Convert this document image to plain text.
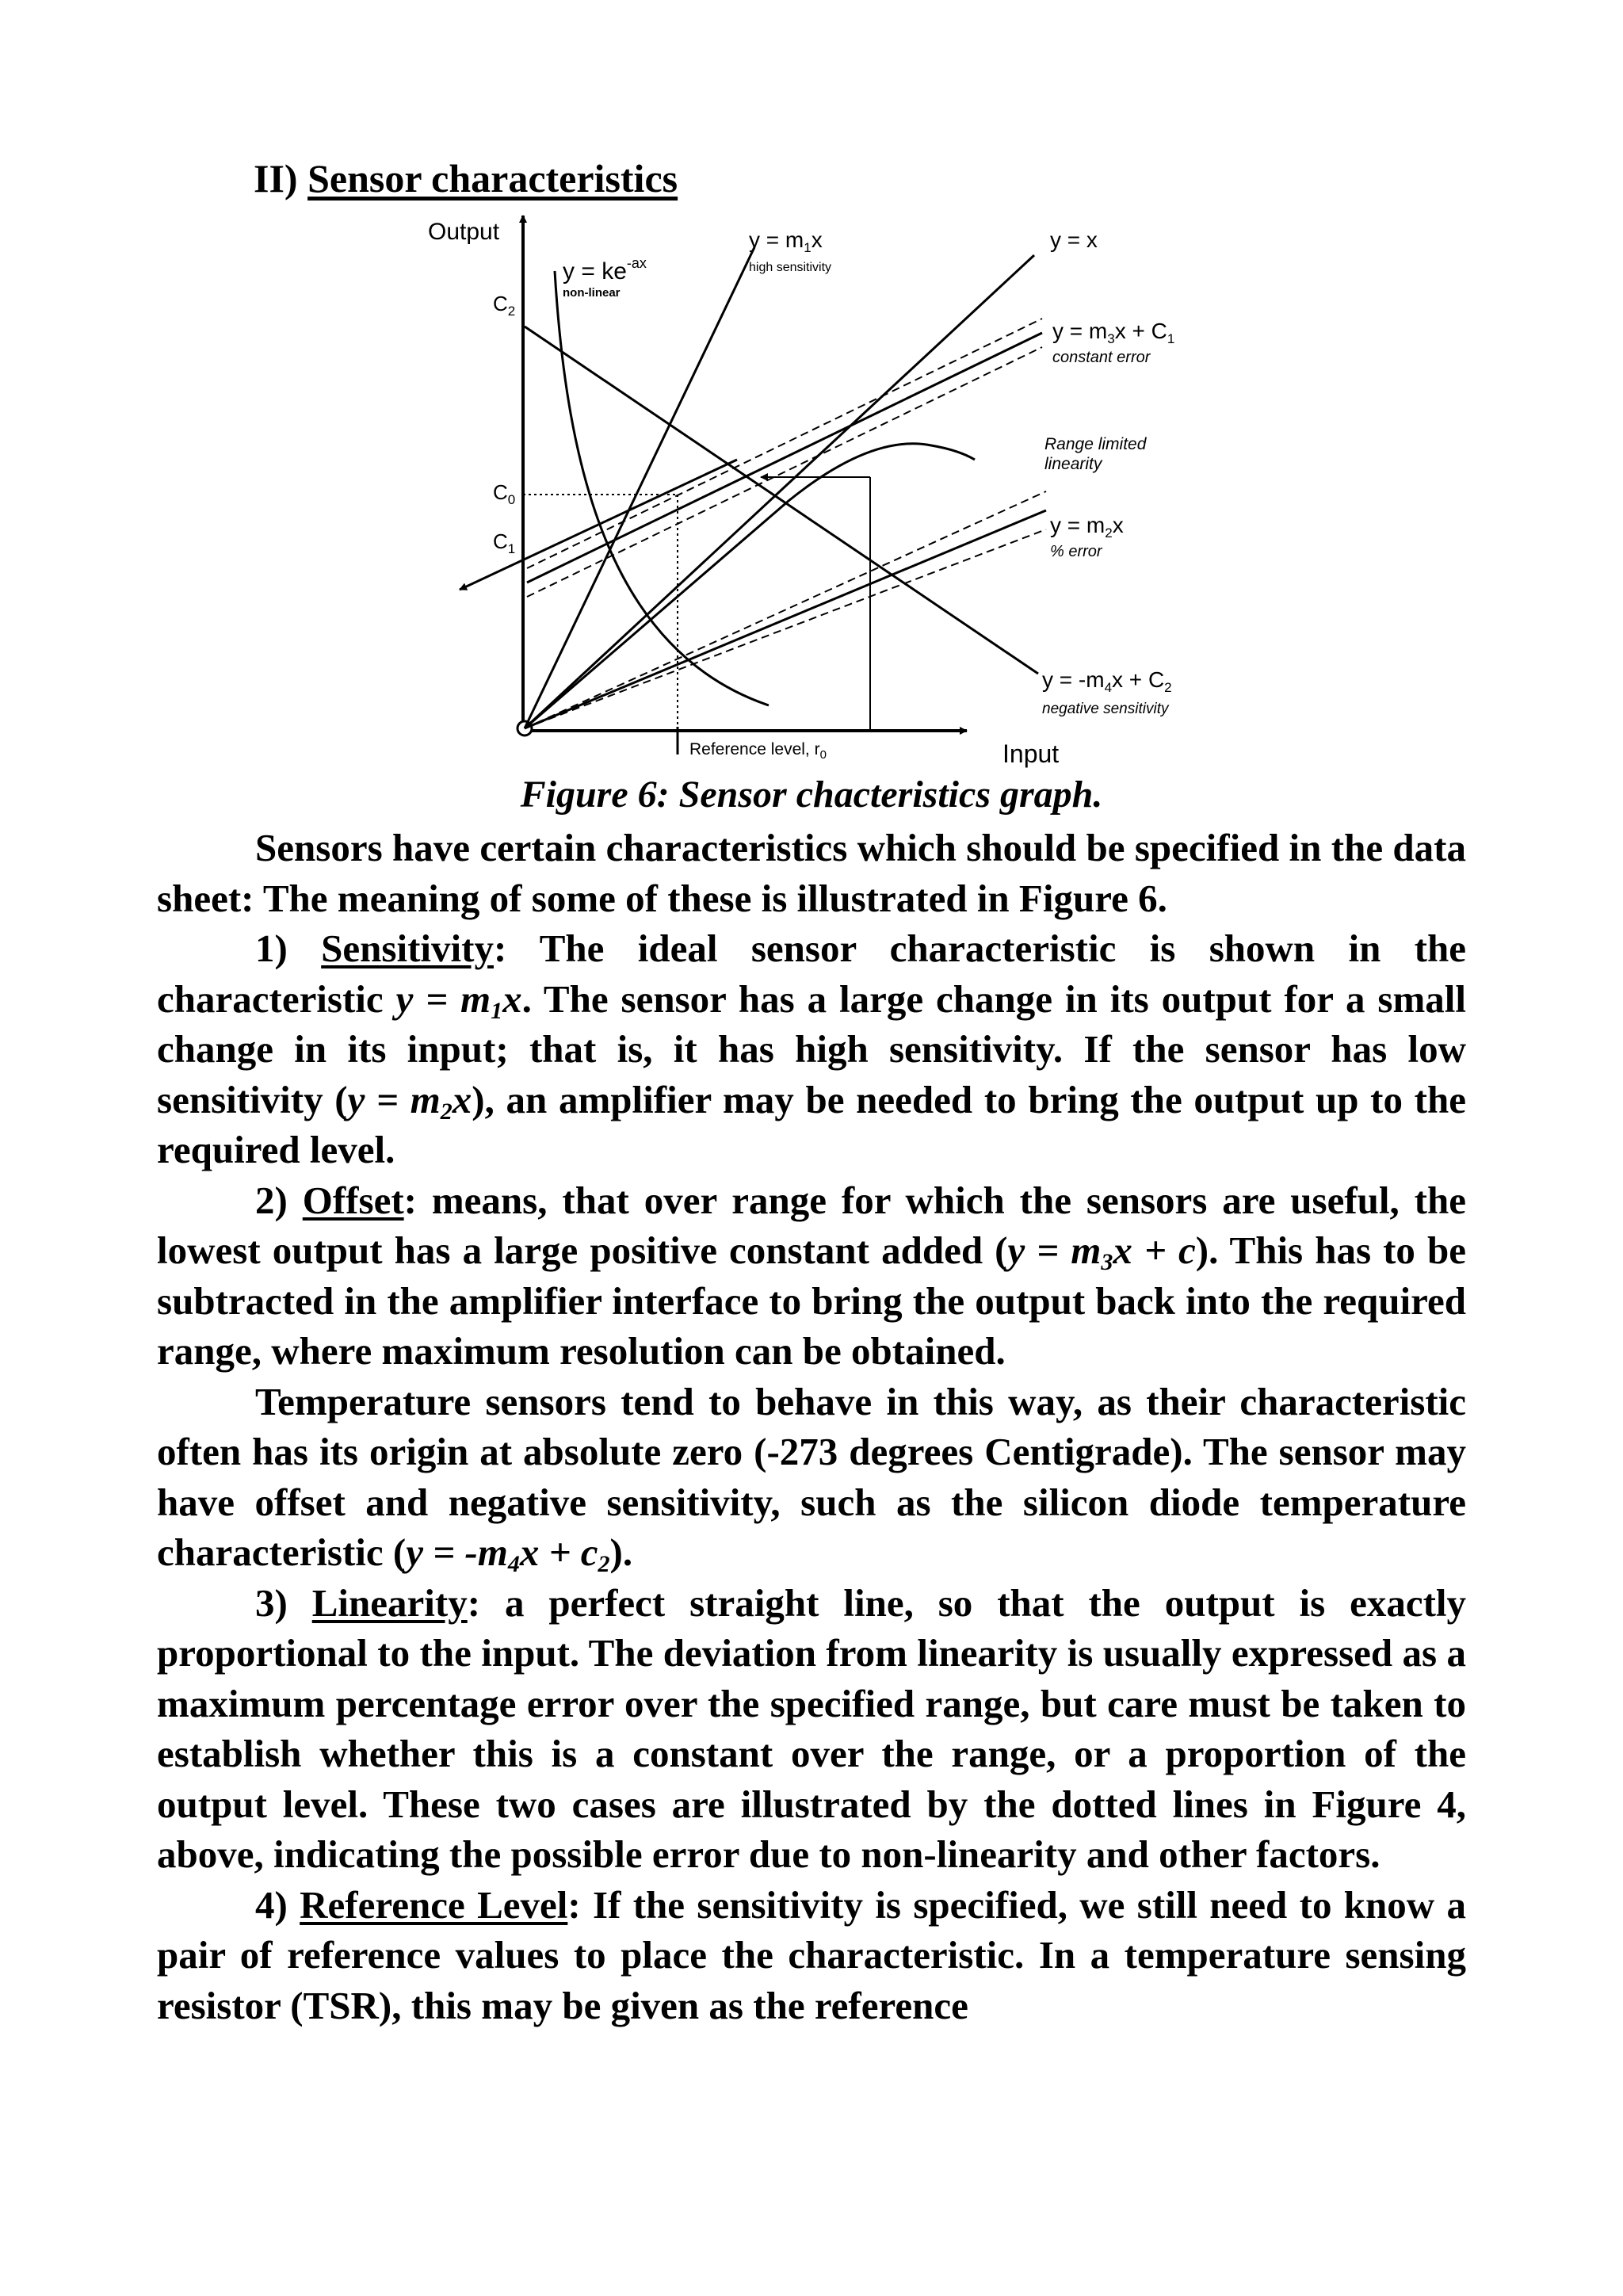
II) Sensor characteristics
Output
Input
$C_2$
$C_0$
$C_1$
Reference level, $r_0$
$y = ke^{-ax}$
non-linear
$y = m_1x$
high sensitivity
y = x
$y = m_3x + C_1$
constant error
Range limited
linearity
$y = m_2x$
% error
$y = -m_4x + C_2$
negative sensitivity
Figure 6: Sensor chacteristics graph.

Sensors have certain characteristics which should be specified in the data sheet: The meaning of some of these is illustrated in Figure 6.

1) Sensitivity: The ideal sensor characteristic is shown in the characteristic $y = m_1x$. The sensor has a large change in its output for a small change in its input; that is, it has high sensitivity. If the sensor has low sensitivity $(y = m_2x)$, an amplifier may be needed to bring the output up to the required level.

2) Offset: means, that over range for which the sensors are useful, the lowest output has a large positive constant added $(y = m_3x + c)$. This has to be subtracted in the amplifier interface to bring the output back into the required range, where maximum resolution can be obtained.

Temperature sensors tend to behave in this way, as their characteristic often has its origin at absolute zero (-273 degrees Centigrade). The sensor may have offset and negative sensitivity, such as the silicon diode temperature characteristic $(y = -m_4x + c_2)$.

3) Linearity: a perfect straight line, so that the output is exactly proportional to the input. The deviation from linearity is usually expressed as a maximum percentage error over the specified range, but care must be taken to establish whether this is a constant over the range, or a proportion of the output level. These two cases are illustrated by the dotted lines in Figure 4, above, indicating the possible error due to non-linearity and other factors.

4) Reference Level: If the sensitivity is specified, we still need to know a pair of reference values to place the characteristic. In a temperature sensing resistor (TSR), this may be given as the reference
